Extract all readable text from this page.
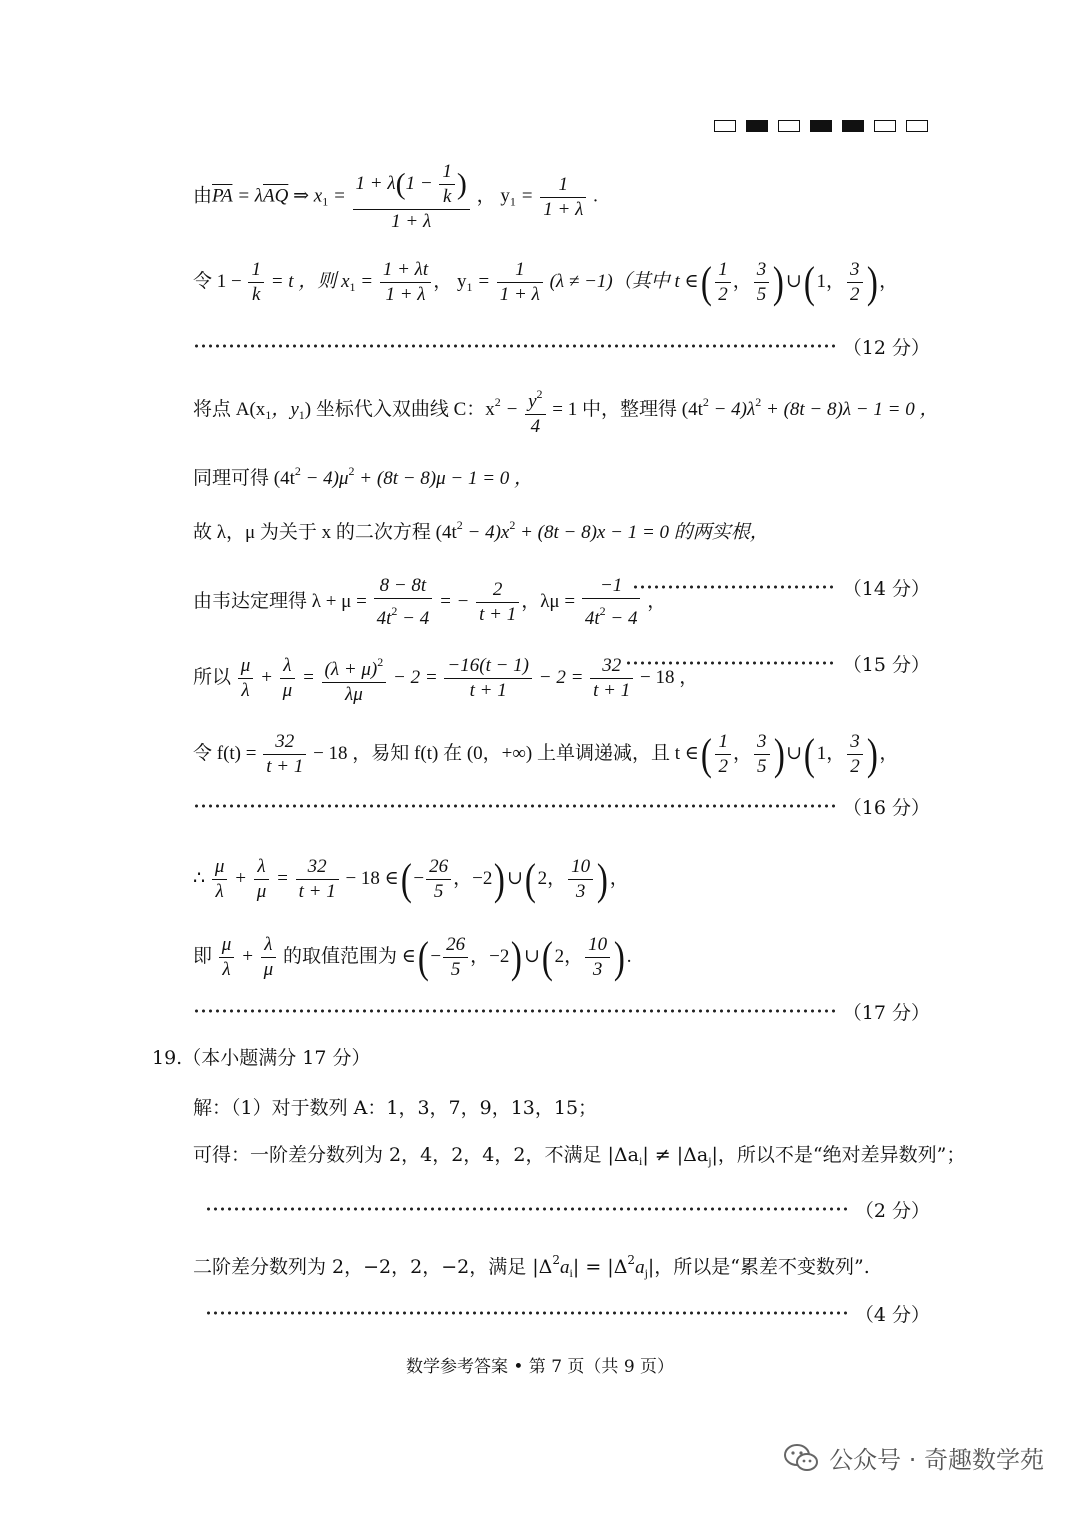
由$\overline{PA} = \lambda\overline{AQ}$ ⇒ $x_1 = \frac{1 + \lambda(1 - \frac{1}{k} )}{1 + \lambda}$ ， $y_1 = \frac{1}{1 + \lambda}$ .
令 $1 - \frac{1}{k} = t$ ，则 $x_1 = \frac{1 + \lambda t}{1 + \lambda}$ ， $y_1 = \frac{1}{1 + \lambda} (\lambda \ne -1)$（其中 t ∈( $\frac{1}{2}$ ， $\frac{3}{5}$ )∪(1， $\frac{3}{2}$ )，
（12 分）
将点 $A(x_1$，$y_1$) 坐标代入双曲线 C：$x^2 - \frac{y^2}{4} = 1$ 中，整理得 $(4t^2 - 4)\lambda^2 + (8t - 8)\lambda - 1 = 0$ ，
同理可得 $(4t^2 - 4)\mu^2 + (8t - 8)\mu - 1 = 0$ ，
故 λ，μ 为关于 x 的二次方程 $(4t^2 - 4)x^2 + (8t - 8)x - 1 = 0$ 的两实根，
由韦达定理得 $\lambda + \mu = \frac{8 - 8t}{4t^2 - 4}$ = − $\frac{2}{t + 1}$ ，$\lambda\mu = \frac{-1}{4t^2 - 4}$ ，
（14 分）
所以 $\frac{\mu}{\lambda} + \frac{\lambda}{\mu} = \frac{(\lambda + \mu)^2}{\lambda\mu} - 2 = \frac{-16(t - 1)}{t + 1} - 2 = \frac{32}{t + 1} - 18$ ，
（15 分）
令 $f(t) = \frac{32}{t + 1} - 18$ ，易知 f(t) 在 (0，+∞) 上单调递减，且 t ∈( $\frac{1}{2}$ ， $\frac{3}{5}$ )∪(1， $\frac{3}{2}$ )，
（16 分）
∴ $\frac{\mu}{\lambda} + \frac{\lambda}{\mu} = \frac{32}{t + 1} - 18$ ∈(− $\frac{26}{5}$ ，−2)∪(2， $\frac{10}{3}$ )，
即 $\frac{\mu}{\lambda} + \frac{\lambda}{\mu}$ 的取值范围为 ∈(− $\frac{26}{5}$ ，−2)∪(2， $\frac{10}{3}$ ).
（17 分）
19.（本小题满分 17 分）
解：（1）对于数列 A：1，3，7，9，13，15；
可得：一阶差分数列为 2，4，2，4，2，不满足 $|\Delta a_i| \ne |\Delta a_j|$，所以不是“绝对差异数列”；
（2 分）
二阶差分数列为 2，−2，2，−2，满足 $|\Delta^2a_i| = |\Delta^2a_j|$，所以是“累差不变数列”.
（4 分）
数学参考答案 • 第 7 页（共 9 页）
公众号 · 奇趣数学苑
